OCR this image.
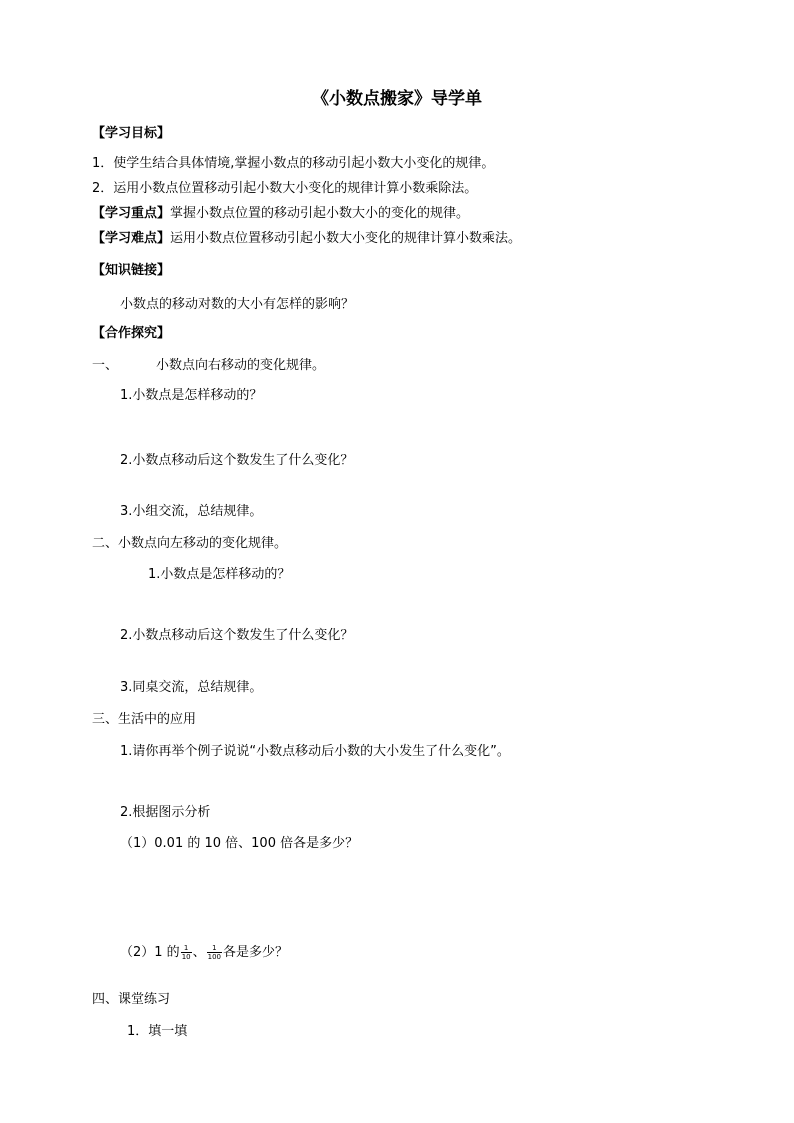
《小数点搬家》导学单
【学习目标】
1．使学生结合具体情境,掌握小数点的移动引起小数大小变化的规律。
2．运用小数点位置移动引起小数大小变化的规律计算小数乘除法。
【学习重点】掌握小数点位置的移动引起小数大小的变化的规律。
【学习难点】运用小数点位置移动引起小数大小变化的规律计算小数乘法。
【知识链接】
小数点的移动对数的大小有怎样的影响？
【合作探究】
一、	小数点向右移动的变化规律。
1.小数点是怎样移动的？
2.小数点移动后这个数发生了什么变化？
3.小组交流，总结规律。
二、小数点向左移动的变化规律。
1.小数点是怎样移动的？
2.小数点移动后这个数发生了什么变化？
3.同桌交流，总结规律。
三、生活中的应用
1.请你再举个例子说说“小数点移动后小数的大小发生了什么变化”。
2.根据图示分析
（1）0.01 的 10 倍、100 倍各是多少？
（2）1 的 $\frac{1}{10}$ 、 $\frac{1}{100}$ 各是多少？
四、课堂练习
1．填一填
